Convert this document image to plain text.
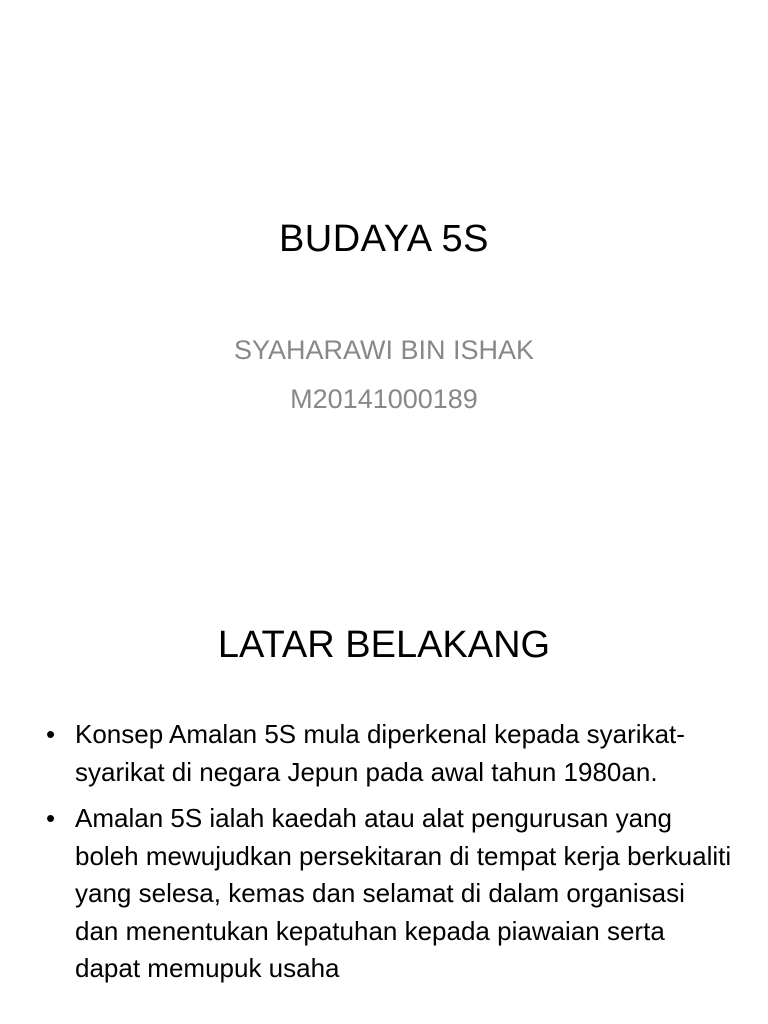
BUDAYA 5S
SYAHARAWI BIN ISHAK
M20141000189
LATAR BELAKANG
• Konsep Amalan 5S mula diperkenal kepada syarikat-syarikat di negara Jepun pada awal tahun 1980an.
• Amalan 5S ialah kaedah atau alat pengurusan yang boleh mewujudkan persekitaran di tempat kerja berkualiti yang selesa, kemas dan selamat di dalam organisasi dan menentukan kepatuhan kepada piawaian serta dapat memupuk usaha
